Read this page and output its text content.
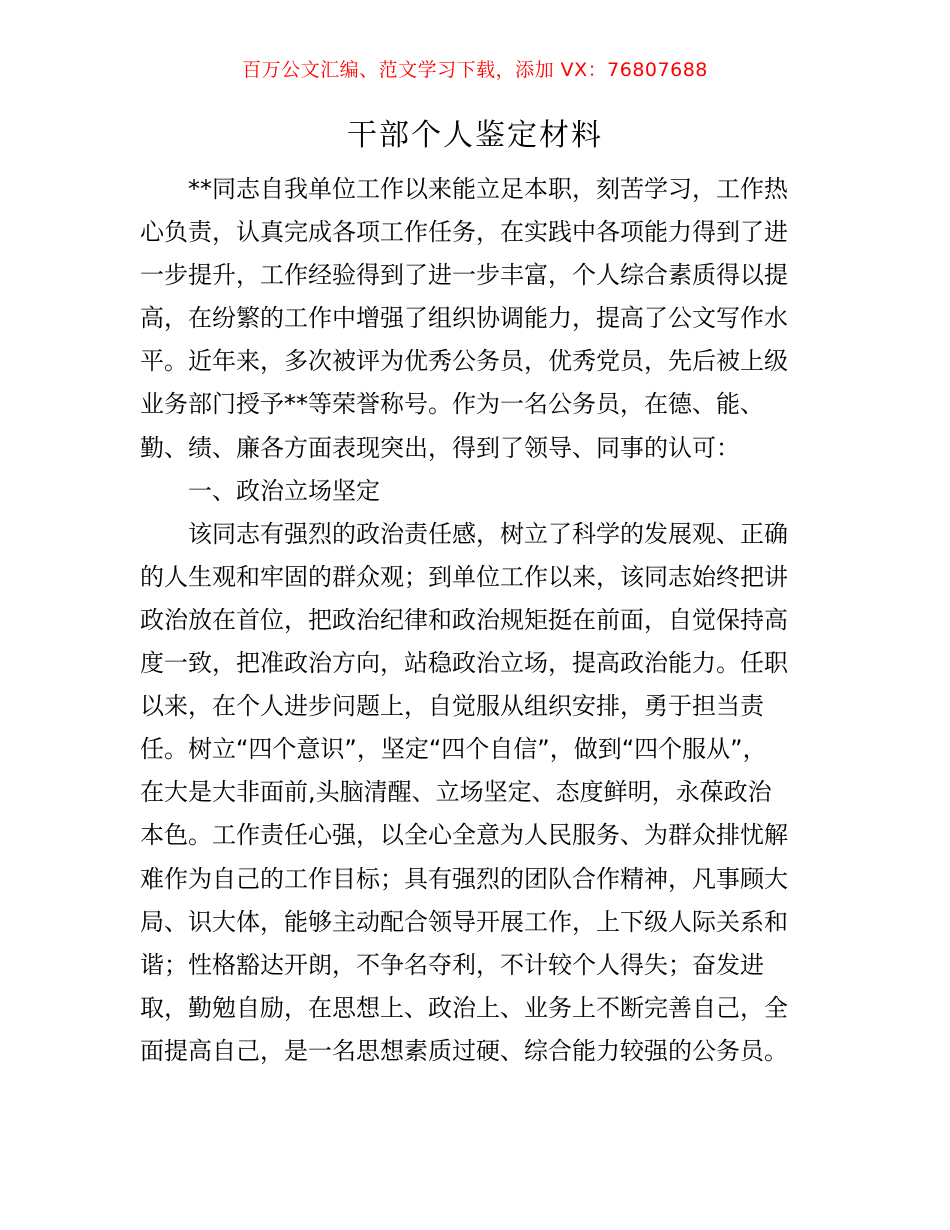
百万公文汇编、范文学习下载，添加 VX：76807688
干部个人鉴定材料
**同志自我单位工作以来能立足本职，刻苦学习，工作热
心负责，认真完成各项工作任务，在实践中各项能力得到了进
一步提升，工作经验得到了进一步丰富，个人综合素质得以提
高，在纷繁的工作中增强了组织协调能力，提高了公文写作水
平。近年来，多次被评为优秀公务员，优秀党员，先后被上级
业务部门授予**等荣誉称号。作为一名公务员，在德、能、
勤、绩、廉各方面表现突出，得到了领导、同事的认可：
一、政治立场坚定
该同志有强烈的政治责任感，树立了科学的发展观、正确
的人生观和牢固的群众观；到单位工作以来，该同志始终把讲
政治放在首位，把政治纪律和政治规矩挺在前面，自觉保持高
度一致，把准政治方向，站稳政治立场，提高政治能力。任职
以来，在个人进步问题上，自觉服从组织安排，勇于担当责
任。树立“四个意识”，坚定“四个自信”，做到“四个服从”，
在大是大非面前,头脑清醒、立场坚定、态度鲜明，永葆政治
本色。工作责任心强，以全心全意为人民服务、为群众排忧解
难作为自己的工作目标；具有强烈的团队合作精神，凡事顾大
局、识大体，能够主动配合领导开展工作，上下级人际关系和
谐；性格豁达开朗，不争名夺利，不计较个人得失；奋发进
取，勤勉自励，在思想上、政治上、业务上不断完善自己，全
面提高自己，是一名思想素质过硬、综合能力较强的公务员。
